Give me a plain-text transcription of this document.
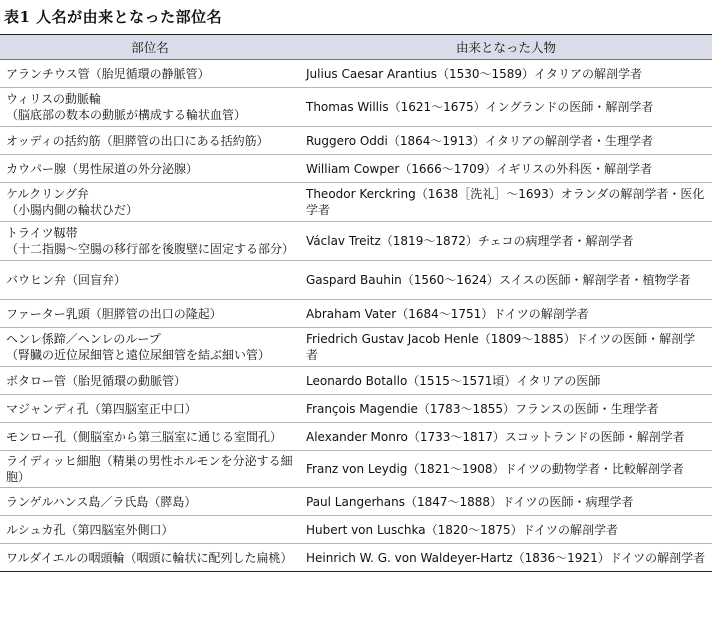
表1 人名が由来となった部位名
部位名	由来となった人物
アランチウス管（胎児循環の静脈管）	Julius Caesar Arantius（1530～1589）イタリアの解剖学者
ウィリスの動脈輪
（脳底部の数本の動脈が構成する輪状血管）	Thomas Willis（1621～1675）イングランドの医師・解剖学者
オッディの括約筋（胆膵管の出口にある括約筋）	Ruggero Oddi（1864～1913）イタリアの解剖学者・生理学者
カウパー腺（男性尿道の外分泌腺）	William Cowper（1666～1709）イギリスの外科医・解剖学者
ケルクリング弁
（小腸内側の輪状ひだ）	Theodor Kerckring（1638［洗礼］～1693）オランダの解剖学者・医化学者
トライツ靱帯
（十二指腸～空腸の移行部を後腹壁に固定する部分）	Václav Treitz（1819～1872）チェコの病理学者・解剖学者
バウヒン弁（回盲弁）	Gaspard Bauhin（1560～1624）スイスの医師・解剖学者・植物学者
ファーター乳頭（胆膵管の出口の隆起）	Abraham Vater（1684～1751）ドイツの解剖学者
ヘンレ係蹄／ヘンレのループ
（腎臓の近位尿細管と遠位尿細管を結ぶ細い管）	Friedrich Gustav Jacob Henle（1809～1885）ドイツの医師・解剖学者
ボタロー管（胎児循環の動脈管）	Leonardo Botallo（1515～1571頃）イタリアの医師
マジャンディ孔（第四脳室正中口）	François Magendie（1783～1855）フランスの医師・生理学者
モンロー孔（側脳室から第三脳室に通じる室間孔）	Alexander Monro（1733～1817）スコットランドの医師・解剖学者
ライディッヒ細胞（精巣の男性ホルモンを分泌する細胞）	Franz von Leydig（1821～1908）ドイツの動物学者・比較解剖学者
ランゲルハンス島／ラ氏島（膵島）	Paul Langerhans（1847～1888）ドイツの医師・病理学者
ルシュカ孔（第四脳室外側口）	Hubert von Luschka（1820～1875）ドイツの解剖学者
ワルダイエルの咽頭輪（咽頭に輪状に配列した扁桃）	Heinrich W. G. von Waldeyer-Hartz（1836～1921）ドイツの解剖学者
